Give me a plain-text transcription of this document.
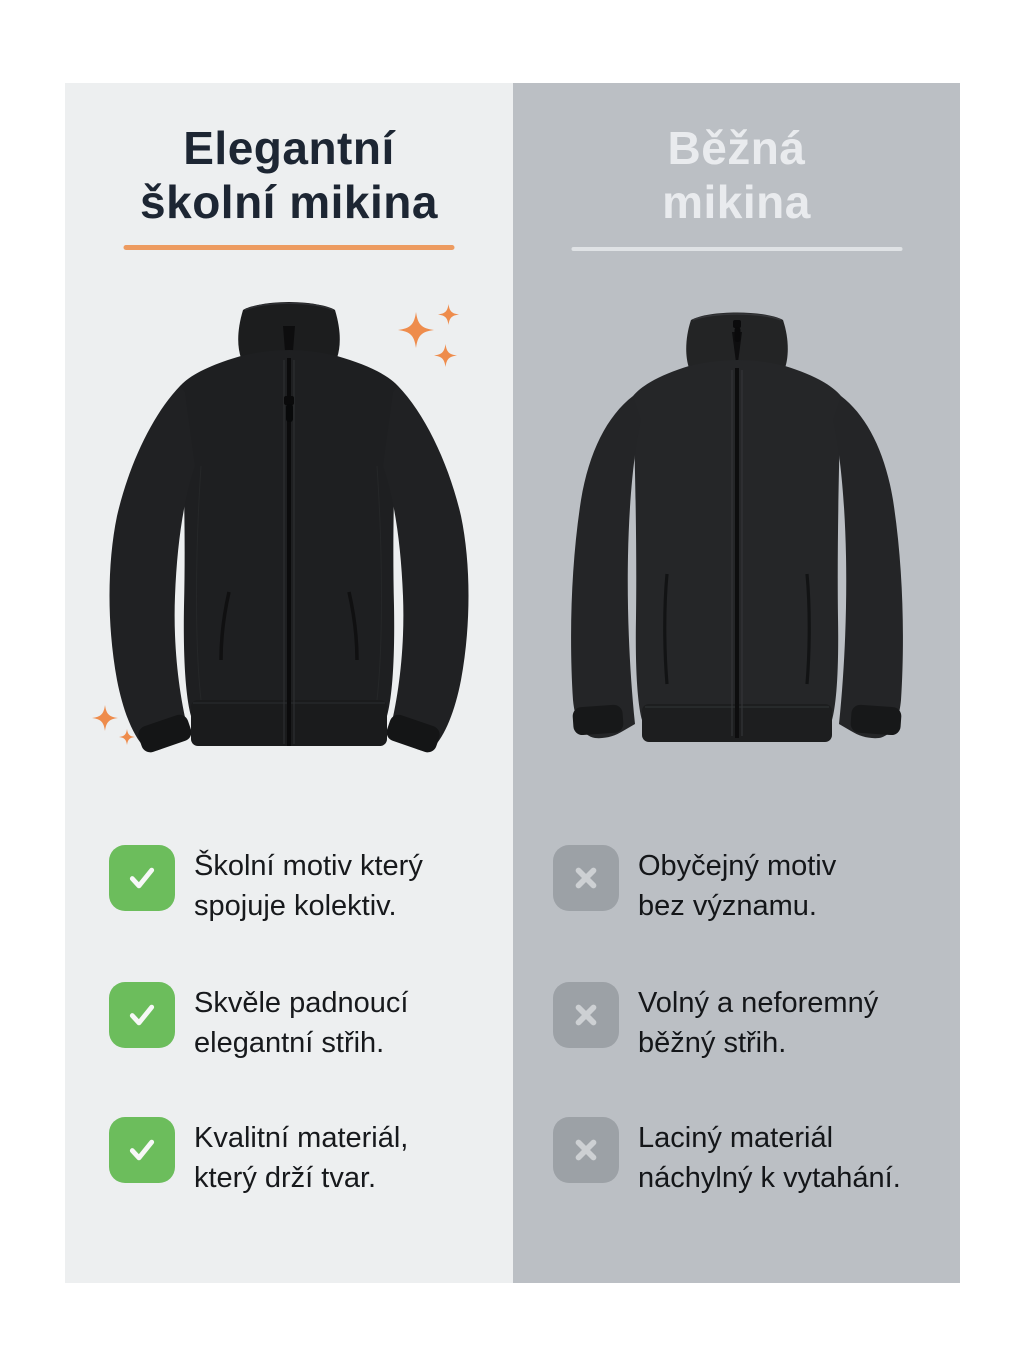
Elegantní
školní mikina
Školní motiv který
spojuje kolektiv.
Skvěle padnoucí
elegantní střih.
Kvalitní materiál,
který drží tvar.
Běžná
mikina
Obyčejný motiv
bez významu.
Volný a neforemný
běžný střih.
Laciný materiál
náchylný k vytahání.
